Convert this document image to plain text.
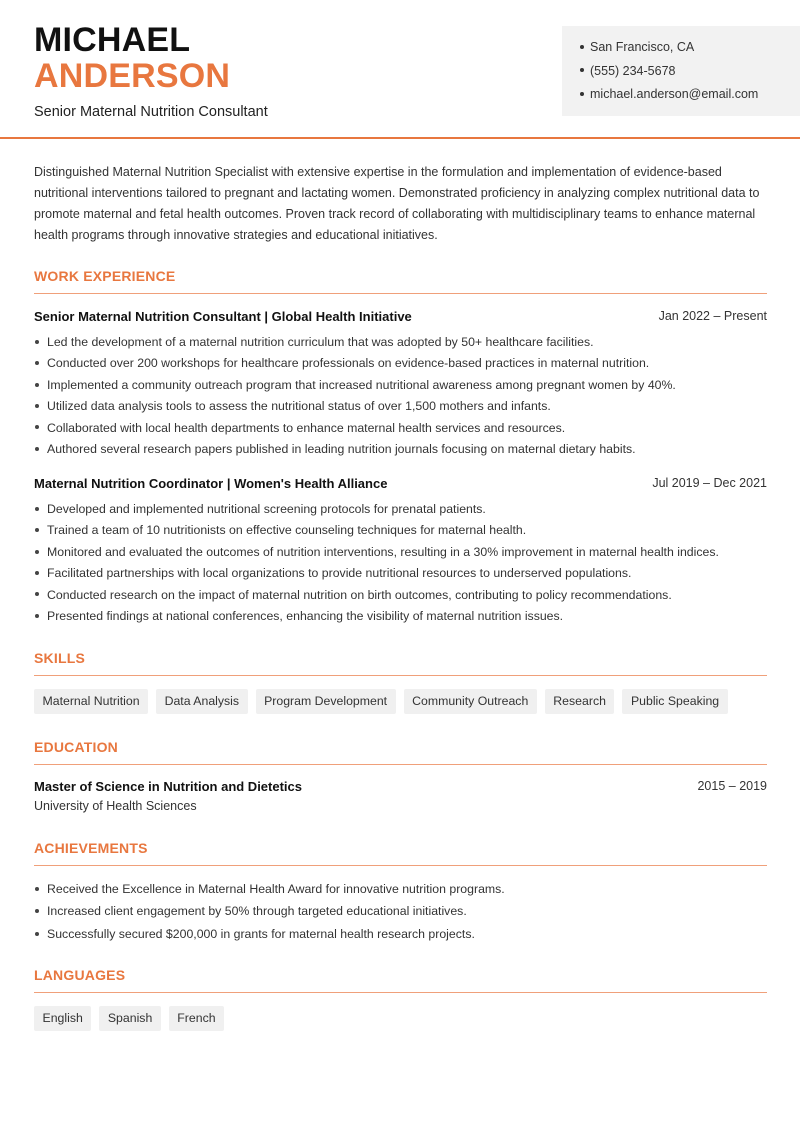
MICHAEL
ANDERSON
Senior Maternal Nutrition Consultant
San Francisco, CA
(555) 234-5678
michael.anderson@email.com
Distinguished Maternal Nutrition Specialist with extensive expertise in the formulation and implementation of evidence-based nutritional interventions tailored to pregnant and lactating women. Demonstrated proficiency in analyzing complex nutritional data to promote maternal and fetal health outcomes. Proven track record of collaborating with multidisciplinary teams to enhance maternal health programs through innovative strategies and educational initiatives.
WORK EXPERIENCE
Senior Maternal Nutrition Consultant | Global Health Initiative	Jan 2022 – Present
Led the development of a maternal nutrition curriculum that was adopted by 50+ healthcare facilities.
Conducted over 200 workshops for healthcare professionals on evidence-based practices in maternal nutrition.
Implemented a community outreach program that increased nutritional awareness among pregnant women by 40%.
Utilized data analysis tools to assess the nutritional status of over 1,500 mothers and infants.
Collaborated with local health departments to enhance maternal health services and resources.
Authored several research papers published in leading nutrition journals focusing on maternal dietary habits.
Maternal Nutrition Coordinator | Women's Health Alliance	Jul 2019 – Dec 2021
Developed and implemented nutritional screening protocols for prenatal patients.
Trained a team of 10 nutritionists on effective counseling techniques for maternal health.
Monitored and evaluated the outcomes of nutrition interventions, resulting in a 30% improvement in maternal health indices.
Facilitated partnerships with local organizations to provide nutritional resources to underserved populations.
Conducted research on the impact of maternal nutrition on birth outcomes, contributing to policy recommendations.
Presented findings at national conferences, enhancing the visibility of maternal nutrition issues.
SKILLS
Maternal Nutrition	Data Analysis	Program Development	Community Outreach	Research	Public Speaking
EDUCATION
Master of Science in Nutrition and Dietetics	2015 – 2019
University of Health Sciences
ACHIEVEMENTS
Received the Excellence in Maternal Health Award for innovative nutrition programs.
Increased client engagement by 50% through targeted educational initiatives.
Successfully secured $200,000 in grants for maternal health research projects.
LANGUAGES
English	Spanish	French
